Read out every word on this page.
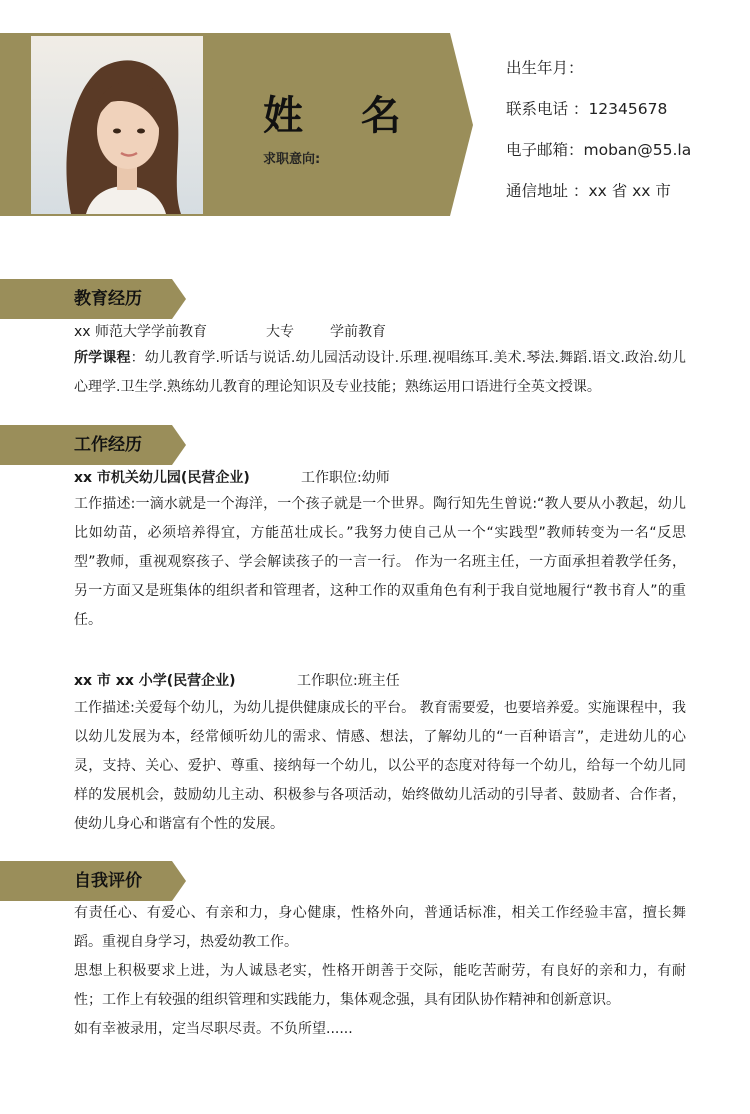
姓 名
求职意向:
出生年月：
联系电话 ：12345678
电子邮箱：moban@55.la
通信地址 ：xx 省 xx 市
教育经历
xx 师范大学学前教育	大专	学前教育
所学课程：幼儿教育学.听话与说话.幼儿园活动设计.乐理.视唱练耳.美术.琴法.舞蹈.语文.政治.幼儿心理学.卫生学.熟练幼儿教育的理论知识及专业技能；熟练运用口语进行全英文授课。
工作经历
xx 市机关幼儿园(民营企业)	工作职位:幼师
工作描述:一滴水就是一个海洋，一个孩子就是一个世界。陶行知先生曾说:“教人要从小教起，幼儿比如幼苗，必须培养得宜，方能茁壮成长。”我努力使自己从一个“实践型”教师转变为一名“反思型”教师，重视观察孩子、学会解读孩子的一言一行。 作为一名班主任，一方面承担着教学任务，另一方面又是班集体的组织者和管理者，这种工作的双重角色有利于我自觉地履行“教书育人”的重任。
xx 市 xx 小学(民营企业)	工作职位:班主任
工作描述:关爱每个幼儿，为幼儿提供健康成长的平台。 教育需要爱，也要培养爱。实施课程中，我以幼儿发展为本，经常倾听幼儿的需求、情感、想法，了解幼儿的“一百种语言”，走进幼儿的心灵，支持、关心、爱护、尊重、接纳每一个幼儿，以公平的态度对待每一个幼儿，给每一个幼儿同样的发展机会，鼓励幼儿主动、积极参与各项活动，始终做幼儿活动的引导者、鼓励者、合作者，使幼儿身心和谐富有个性的发展。
自我评价
有责任心、有爱心、有亲和力，身心健康，性格外向，普通话标准，相关工作经验丰富，擅长舞蹈。重视自身学习，热爱幼教工作。
思想上积极要求上进，为人诚恳老实，性格开朗善于交际，能吃苦耐劳，有良好的亲和力，有耐性；工作上有较强的组织管理和实践能力，集体观念强，具有团队协作精神和创新意识。
如有幸被录用，定当尽职尽责。不负所望......
